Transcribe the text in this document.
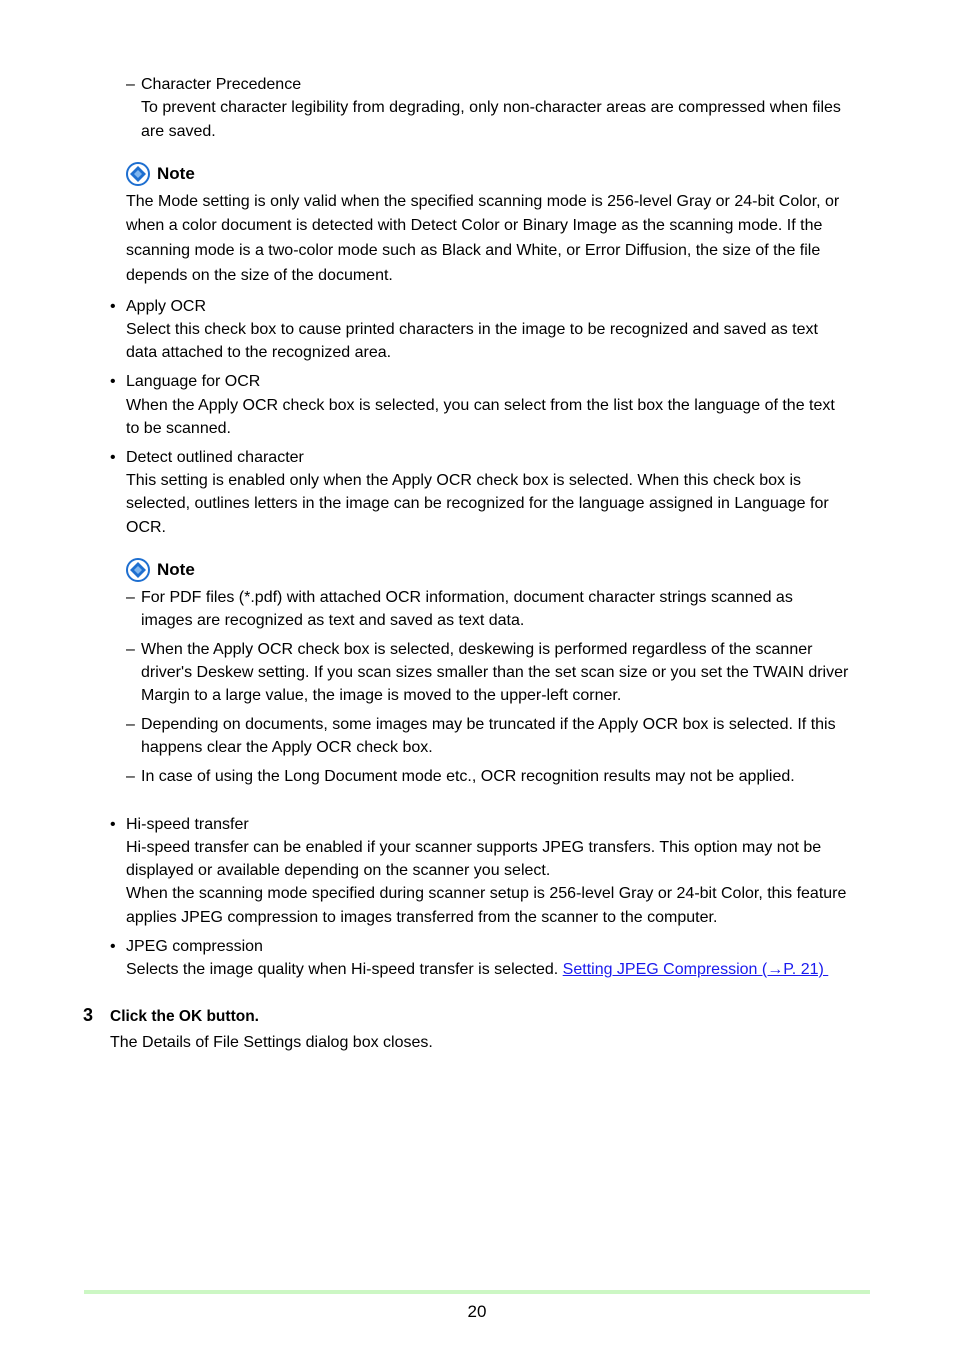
– Character Precedence
To prevent character legibility from degrading, only non-character areas are compressed when files
are saved.
Note
The Mode setting is only valid when the specified scanning mode is 256-level Gray or 24-bit Color, or
when a color document is detected with Detect Color or Binary Image as the scanning mode. If the
scanning mode is a two-color mode such as Black and White, or Error Diffusion, the size of the file
depends on the size of the document.
• Apply OCR
Select this check box to cause printed characters in the image to be recognized and saved as text
data attached to the recognized area.
• Language for OCR
When the Apply OCR check box is selected, you can select from the list box the language of the text
to be scanned.
• Detect outlined character
This setting is enabled only when the Apply OCR check box is selected. When this check box is
selected, outlines letters in the image can be recognized for the language assigned in Language for
OCR.
Note
– For PDF files (*.pdf) with attached OCR information, document character strings scanned as
images are recognized as text and saved as text data.
– When the Apply OCR check box is selected, deskewing is performed regardless of the scanner
driver's Deskew setting. If you scan sizes smaller than the set scan size or you set the TWAIN driver
Margin to a large value, the image is moved to the upper-left corner.
– Depending on documents, some images may be truncated if the Apply OCR box is selected. If this
happens clear the Apply OCR check box.
– In case of using the Long Document mode etc., OCR recognition results may not be applied.
• Hi-speed transfer
Hi-speed transfer can be enabled if your scanner supports JPEG transfers. This option may not be
displayed or available depending on the scanner you select.
When the scanning mode specified during scanner setup is 256-level Gray or 24-bit Color, this feature
applies JPEG compression to images transferred from the scanner to the computer.
• JPEG compression
Selects the image quality when Hi-speed transfer is selected. Setting JPEG Compression (→P. 21)
3 Click the OK button.
The Details of File Settings dialog box closes.
20
